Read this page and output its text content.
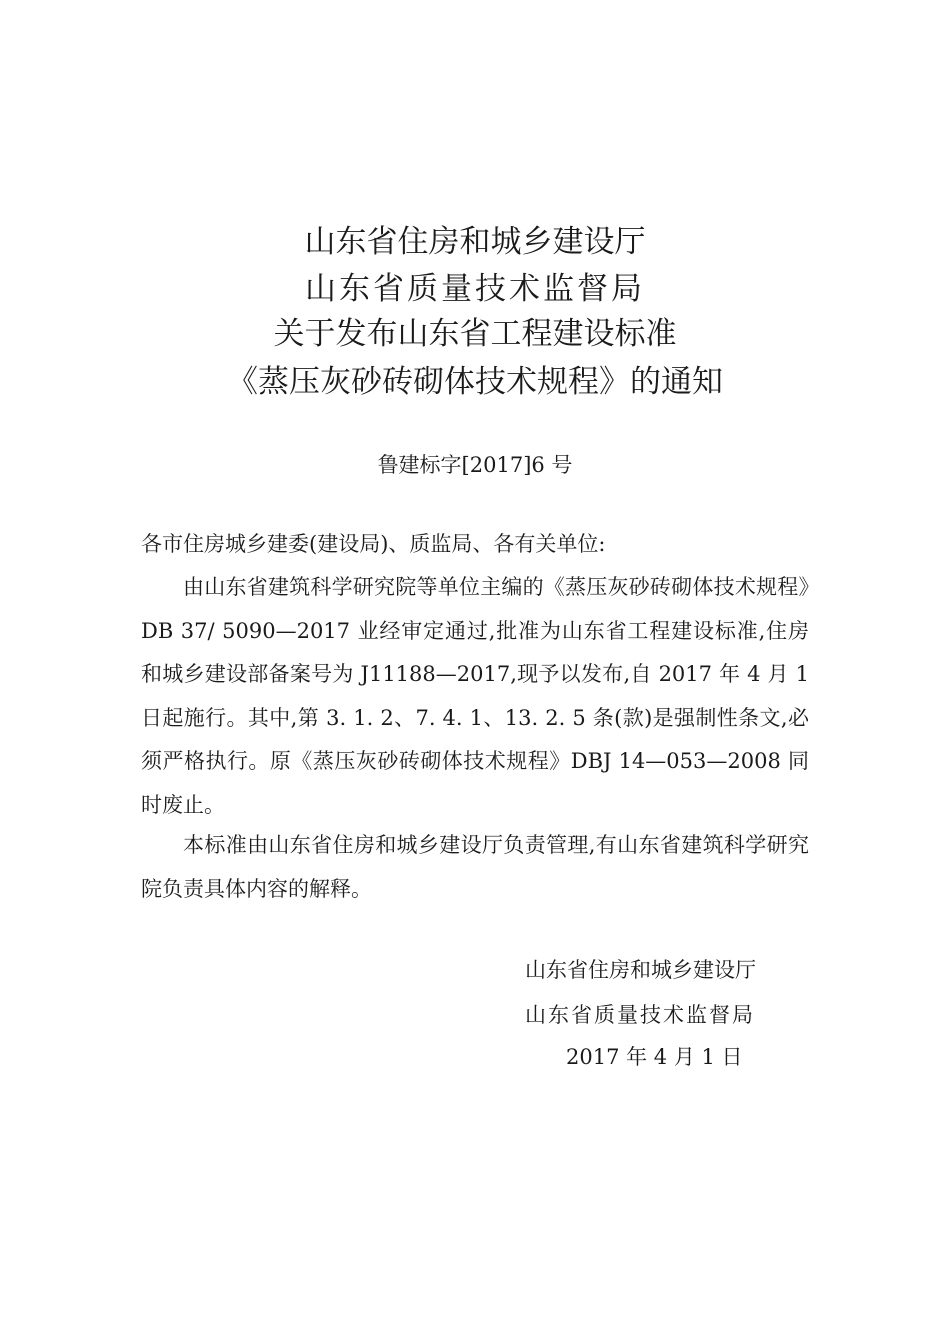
山东省住房和城乡建设厅
山东省质量技术监督局
关于发布山东省工程建设标准
《蒸压灰砂砖砌体技术规程》的通知
鲁建标字[2017]6 号
各市住房城乡建委(建设局)、质监局、各有关单位:

由山东省建筑科学研究院等单位主编的《蒸压灰砂砖砌体技术规程》DB 37/ 5090—2017 业经审定通过,批准为山东省工程建设标准,住房和城乡建设部备案号为 J11188—2017,现予以发布,自 2017 年 4 月 1 日起施行。其中,第 3. 1. 2、7. 4. 1、13. 2. 5 条(款)是强制性条文,必须严格执行。原《蒸压灰砂砖砌体技术规程》DBJ 14—053—2008 同时废止。

本标准由山东省住房和城乡建设厅负责管理,有山东省建筑科学研究院负责具体内容的解释。

山东省住房和城乡建设厅
山东省质量技术监督局
2017 年 4 月 1 日
